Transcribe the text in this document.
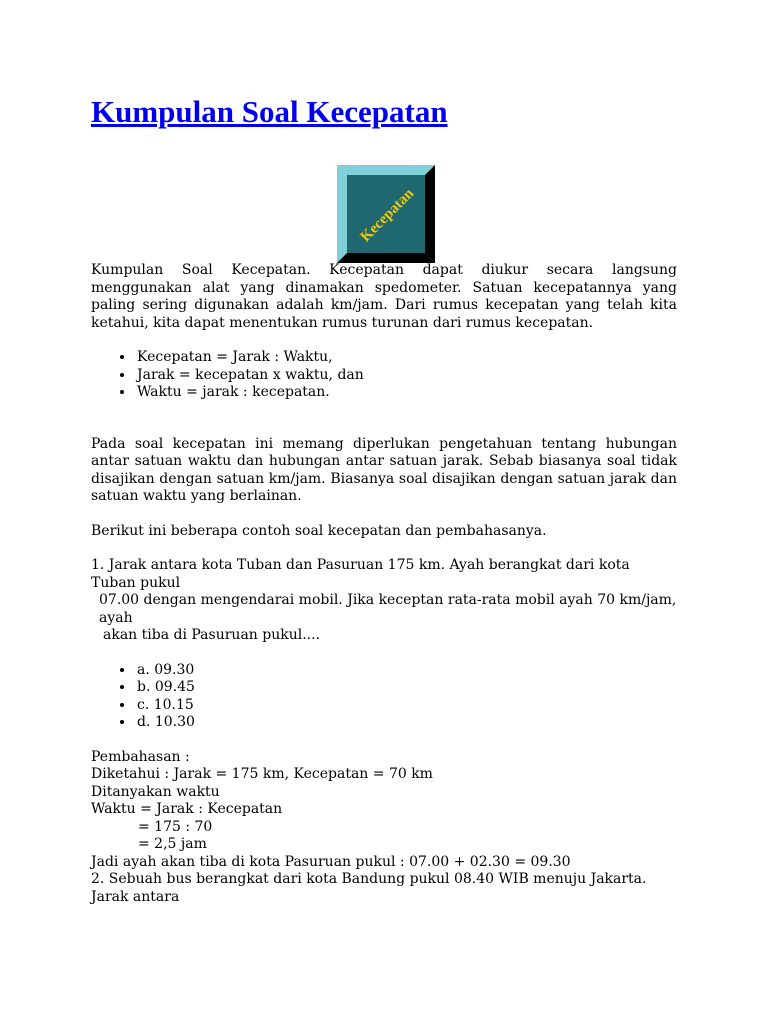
Kumpulan Soal Kecepatan
Kecepatan

Kumpulan Soal Kecepatan. Kecepatan dapat diukur secara langsung menggunakan alat yang dinamakan spedometer. Satuan kecepatannya yang paling sering digunakan adalah km/jam. Dari rumus kecepatan yang telah kita ketahui, kita dapat menentukan rumus turunan dari rumus kecepatan.

• Kecepatan = Jarak : Waktu,
• Jarak = kecepatan x waktu, dan
• Waktu = jarak : kecepatan.

Pada soal kecepatan ini memang diperlukan pengetahuan tentang hubungan antar satuan waktu dan hubungan antar satuan jarak. Sebab biasanya soal tidak disajikan dengan satuan km/jam. Biasanya soal disajikan dengan satuan jarak dan satuan waktu yang berlainan.

Berikut ini beberapa contoh soal kecepatan dan pembahasanya.

1. Jarak antara kota Tuban dan Pasuruan 175 km. Ayah berangkat dari kota Tuban pukul

07.00 dengan mengendarai mobil. Jika keceptan rata-rata mobil ayah 70 km/jam, ayah

akan tiba di Pasuruan pukul....

• a. 09.30
• b. 09.45
• c. 10.15
• d. 10.30

Pembahasan :

Diketahui : Jarak = 175 km, Kecepatan = 70 km

Ditanyakan waktu

Waktu = Jarak : Kecepatan

= 175 : 70

= 2,5 jam

Jadi ayah akan tiba di kota Pasuruan pukul : 07.00 + 02.30 = 09.30

2. Sebuah bus berangkat dari kota Bandung pukul 08.40 WIB menuju Jakarta. Jarak antara
